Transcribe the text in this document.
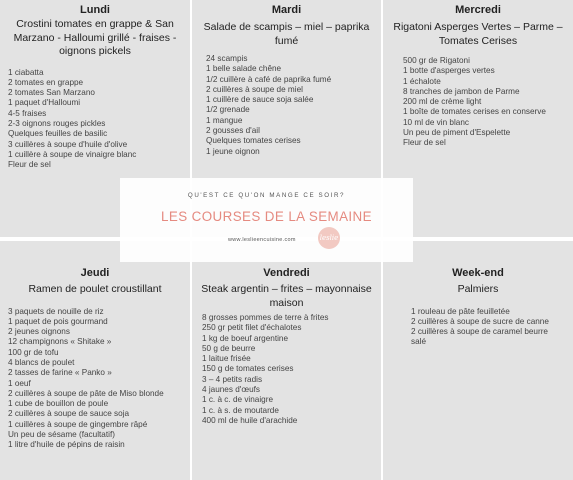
Lundi
Crostini tomates en grappe & San Marzano - Halloumi grillé - fraises - oignons pickels
1 ciabatta
2 tomates en grappe
2 tomates San Marzano
1 paquet d'Halloumi
4-5 fraises
2-3 oignons rouges pickles
Quelques feuilles de basilic
3 cuillères à soupe d'huile d'olive
1 cuillère à soupe de vinaigre blanc
Fleur de sel
Mardi
Salade de scampis – miel – paprika fumé
24 scampis
1 belle salade chêne
1/2 cuillère à café de paprika fumé
2 cuillères à soupe de miel
1 cuillère de sauce soja salée
1/2 grenade
1 mangue
2 gousses d'ail
Quelques tomates cerises
1 jeune oignon
Mercredi
Rigatoni Asperges Vertes – Parme – Tomates Cerises
500 gr de Rigatoni
1 botte d'asperges vertes
1 échalote
8 tranches de jambon de Parme
200 ml de crème light
1 boîte de tomates cerises en conserve
10 ml de vin blanc
Un peu de piment d'Espelette
Fleur de sel
Jeudi
Ramen de poulet croustillant
3 paquets de nouille de riz
1 paquet de pois gourmand
2 jeunes oignons
12 champignons « Shitake »
100 gr de tofu
4 blancs de poulet
2 tasses de farine « Panko »
1 oeuf
2 cuillères à soupe de pâte de Miso blonde
1 cube de bouillon de poule
2 cuillères à soupe de sauce soja
1 cuillères à soupe de gingembre râpé
Un peu de sésame (facultatif)
1 litre d'huile de pépins de raisin
Vendredi
Steak argentin – frites – mayonnaise maison
8 grosses pommes de terre à frites
250 gr petit filet d'échalotes
1 kg de boeuf argentine
50 g de beurre
1 laitue frisée
150 g de tomates cerises
3 – 4 petits radis
4 jaunes d'œufs
1 c. à c. de vinaigre
1 c. à s. de moutarde
400 ml de huile d'arachide
Week-end
Palmiers
1 rouleau de pâte feuilletée
2 cuillères à soupe de sucre de canne
2 cuillères à soupe de caramel beurre salé
QU'EST CE QU'ON MANGE CE SOIR?
LES COURSES DE LA SEMAINE
www.leslieencuisine.com	leslie
